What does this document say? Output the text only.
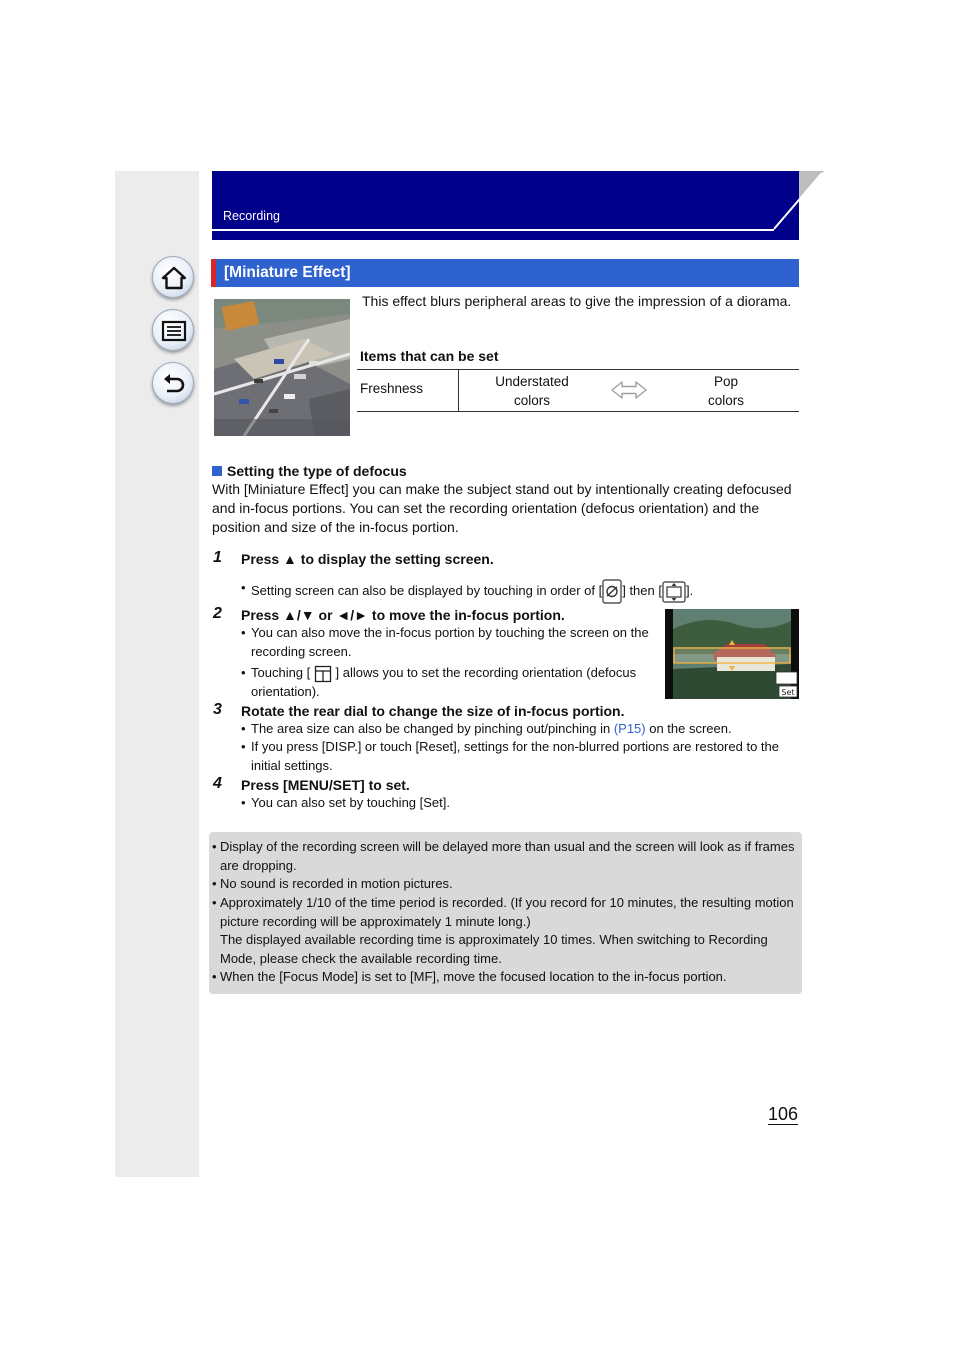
Recording
[Miniature Effect]
This effect blurs peripheral areas to give the impression of a diorama.
Items that can be set
Freshness	Understated
colors
Pop
colors
Setting the type of defocus
With [Miniature Effect] you can make the subject stand out by intentionally creating defocused and in-focus portions. You can set the recording orientation (defocus orientation) and the position and size of the in-focus portion.
1 Press ▲ to display the setting screen.
• Setting screen can also be displayed by touching in order of [ ] then [ ].
2 Press ▲/▼ or ◄/► to move the in-focus portion.
• You can also move the in-focus portion by touching the screen on the recording screen.
• Touching [ ] allows you to set the recording orientation (defocus orientation).	Set
3 Rotate the rear dial to change the size of in-focus portion.
• The area size can also be changed by pinching out/pinching in (P15) on the screen.
• If you press [DISP.] or touch [Reset], settings for the non-blurred portions are restored to the initial settings.
4 Press [MENU/SET] to set.
• You can also set by touching [Set].
• Display of the recording screen will be delayed more than usual and the screen will look as if frames are dropping.
• No sound is recorded in motion pictures.
• Approximately 1/10 of the time period is recorded. (If you record for 10 minutes, the resulting motion picture recording will be approximately 1 minute long.)
The displayed available recording time is approximately 10 times. When switching to Recording Mode, please check the available recording time.
• When the [Focus Mode] is set to [MF], move the focused location to the in-focus portion.
106
